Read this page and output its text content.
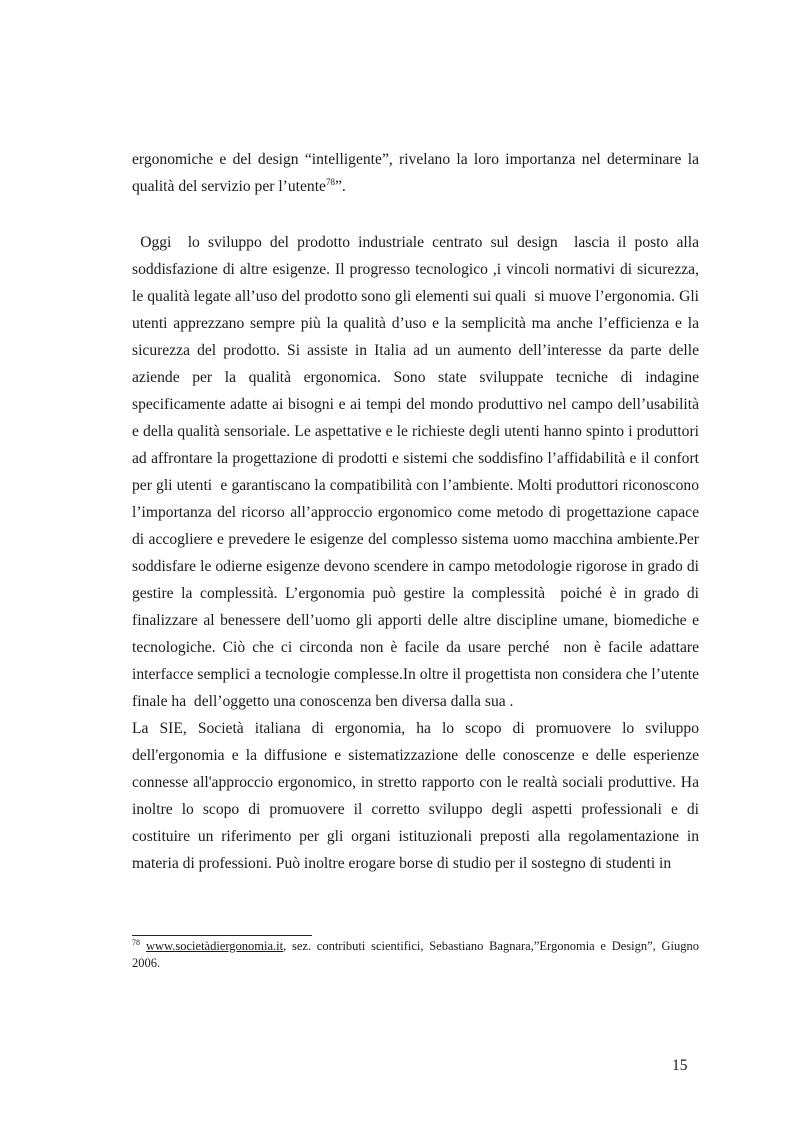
ergonomiche e del design “intelligente”, rivelano la loro importanza nel determinare la qualità del servizio per l’utente$^{78}$”.

Oggi  lo sviluppo del prodotto industriale centrato sul design  lascia il posto alla soddisfazione di altre esigenze. Il progresso tecnologico ,i vincoli normativi di sicurezza, le qualità legate all’uso del prodotto sono gli elementi sui quali  si muove l’ergonomia. Gli utenti apprezzano sempre più la qualità d’uso e la semplicità ma anche l’efficienza e la sicurezza del prodotto. Si assiste in Italia ad un aumento dell’interesse da parte delle aziende per la qualità ergonomica. Sono state sviluppate tecniche di indagine specificamente adatte ai bisogni e ai tempi del mondo produttivo nel campo dell’usabilità e della qualità sensoriale. Le aspettative e le richieste degli utenti hanno spinto i produttori ad affrontare la progettazione di prodotti e sistemi che soddisfino l’affidabilità e il confort per gli utenti  e garantiscano la compatibilità con l’ambiente. Molti produttori riconoscono l’importanza del ricorso all’approccio ergonomico come metodo di progettazione capace di accogliere e prevedere le esigenze del complesso sistema uomo macchina ambiente.Per soddisfare le odierne esigenze devono scendere in campo metodologie rigorose in grado di gestire la complessità. L’ergonomia può gestire la complessità  poiché è in grado di finalizzare al benessere dell’uomo gli apporti delle altre discipline umane, biomediche e tecnologiche. Ciò che ci circonda non è facile da usare perché  non è facile adattare  interfacce semplici a tecnologie complesse.In oltre il progettista non considera che l’utente finale ha  dell’oggetto una conoscenza ben diversa dalla sua .

La SIE, Società italiana di ergonomia, ha lo scopo di promuovere lo sviluppo dell'ergonomia e la diffusione e sistematizzazione delle conoscenze e delle esperienze connesse all'approccio ergonomico, in stretto rapporto con le realtà sociali produttive. Ha inoltre lo scopo di promuovere il corretto sviluppo degli aspetti professionali e di costituire un riferimento per gli organi istituzionali preposti alla regolamentazione in materia di professioni. Può inoltre erogare borse di studio per il sostegno di studenti in

$^{78}$ www.societàdiergonomia.it, sez. contributi scientifici, Sebastiano Bagnara,”Ergonomia e Design”, Giugno 2006.
15
